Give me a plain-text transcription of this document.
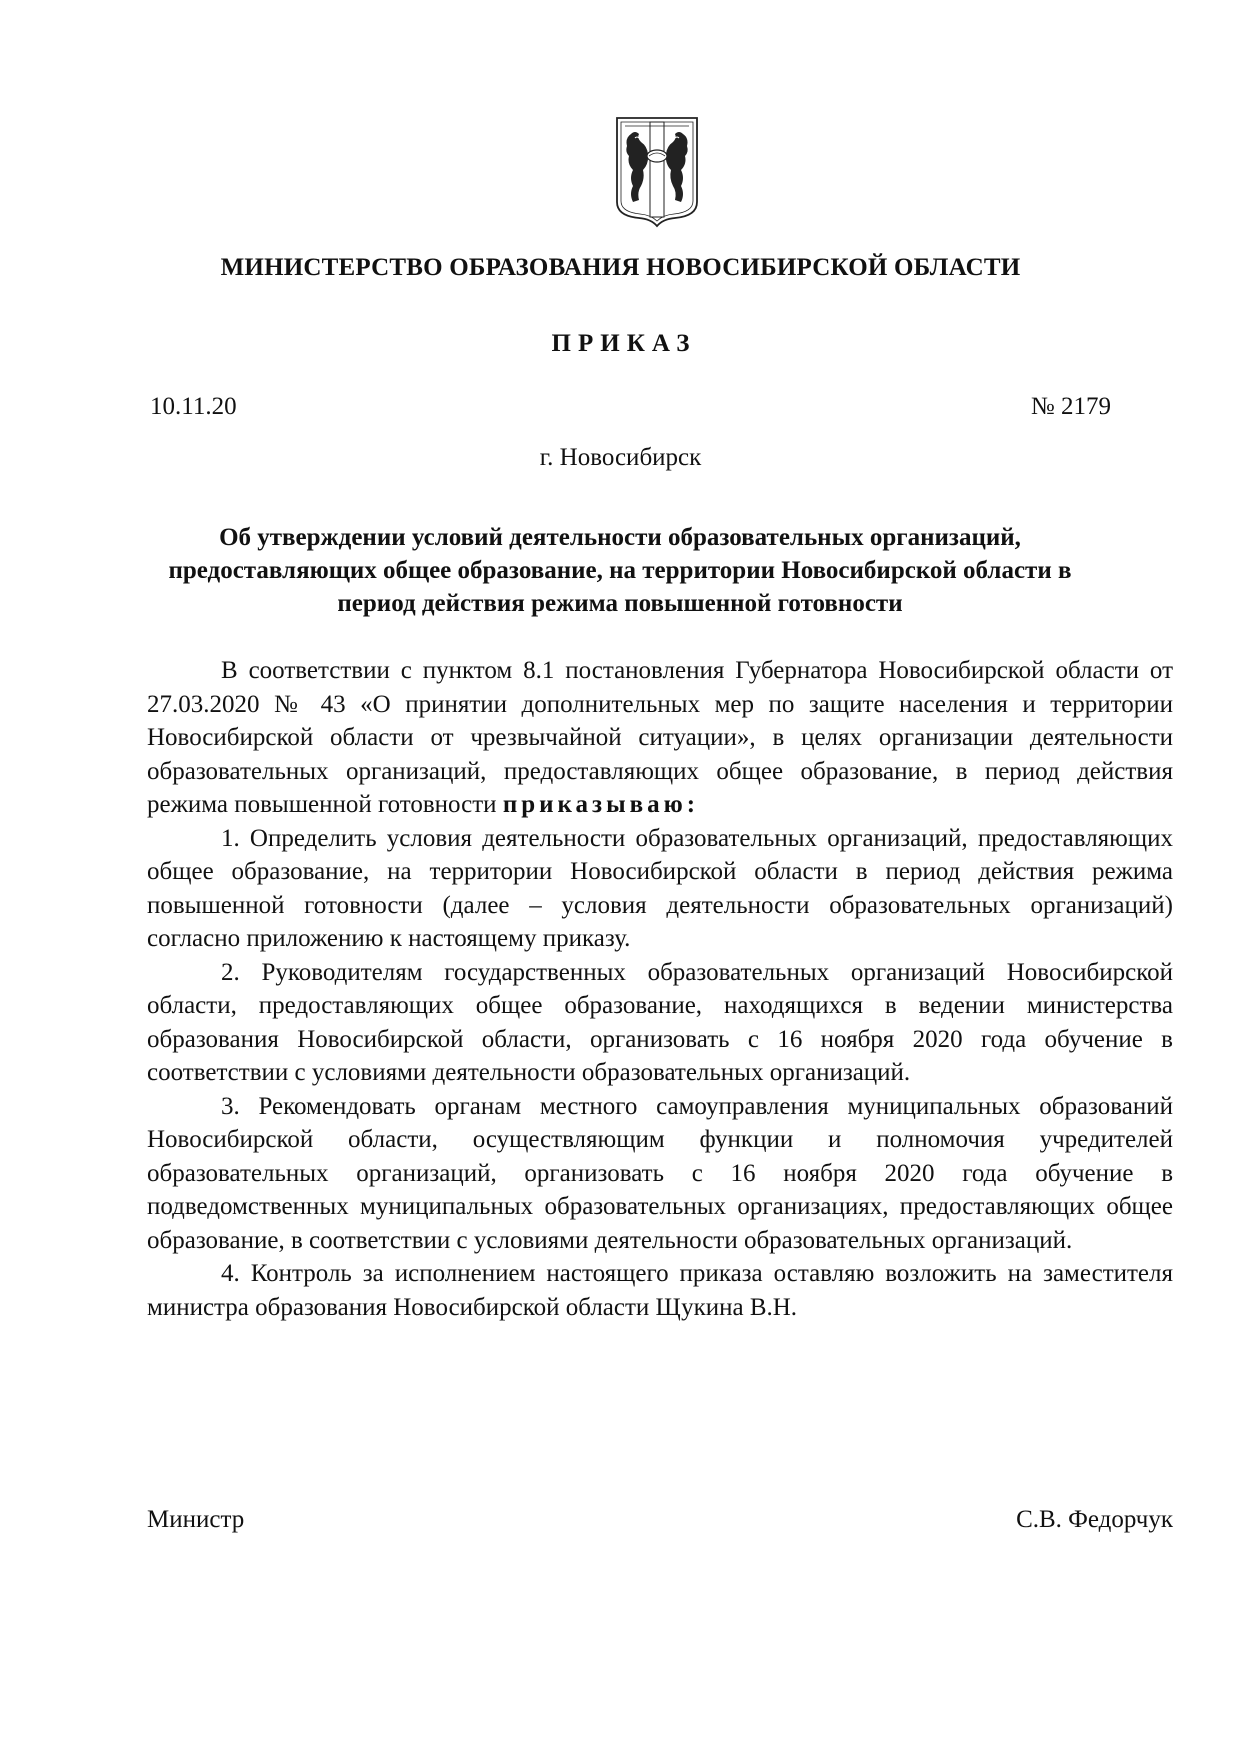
МИНИСТЕРСТВО ОБРАЗОВАНИЯ НОВОСИБИРСКОЙ ОБЛАСТИ
ПРИКАЗ
10.11.20	№ 2179
г. Новосибирск
Об утверждении условий деятельности образовательных организаций, предоставляющих общее образование, на территории Новосибирской области в период действия режима повышенной готовности

В соответствии с пунктом 8.1 постановления Губернатора Новосибирской области от 27.03.2020 № 43 «О принятии дополнительных мер по защите населения и территории Новосибирской области от чрезвычайной ситуации», в целях организации деятельности образовательных организаций, предоставляющих общее образование, в период действия режима повышенной готовности приказываю:

1. Определить условия деятельности образовательных организаций, предоставляющих общее образование, на территории Новосибирской области в период действия режима повышенной готовности (далее – условия деятельности образовательных организаций) согласно приложению к настоящему приказу.

2. Руководителям государственных образовательных организаций Новосибирской области, предоставляющих общее образование, находящихся в ведении министерства образования Новосибирской области, организовать с 16 ноября 2020 года обучение в соответствии с условиями деятельности образовательных организаций.

3. Рекомендовать органам местного самоуправления муниципальных образований Новосибирской области, осуществляющим функции и полномочия учредителей образовательных организаций, организовать с 16 ноября 2020 года обучение в подведомственных муниципальных образовательных организациях, предоставляющих общее образование, в соответствии с условиями деятельности образовательных организаций.

4. Контроль за исполнением настоящего приказа оставляю возложить на заместителя министра образования Новосибирской области Щукина В.Н.

Министр	С.В. Федорчук
